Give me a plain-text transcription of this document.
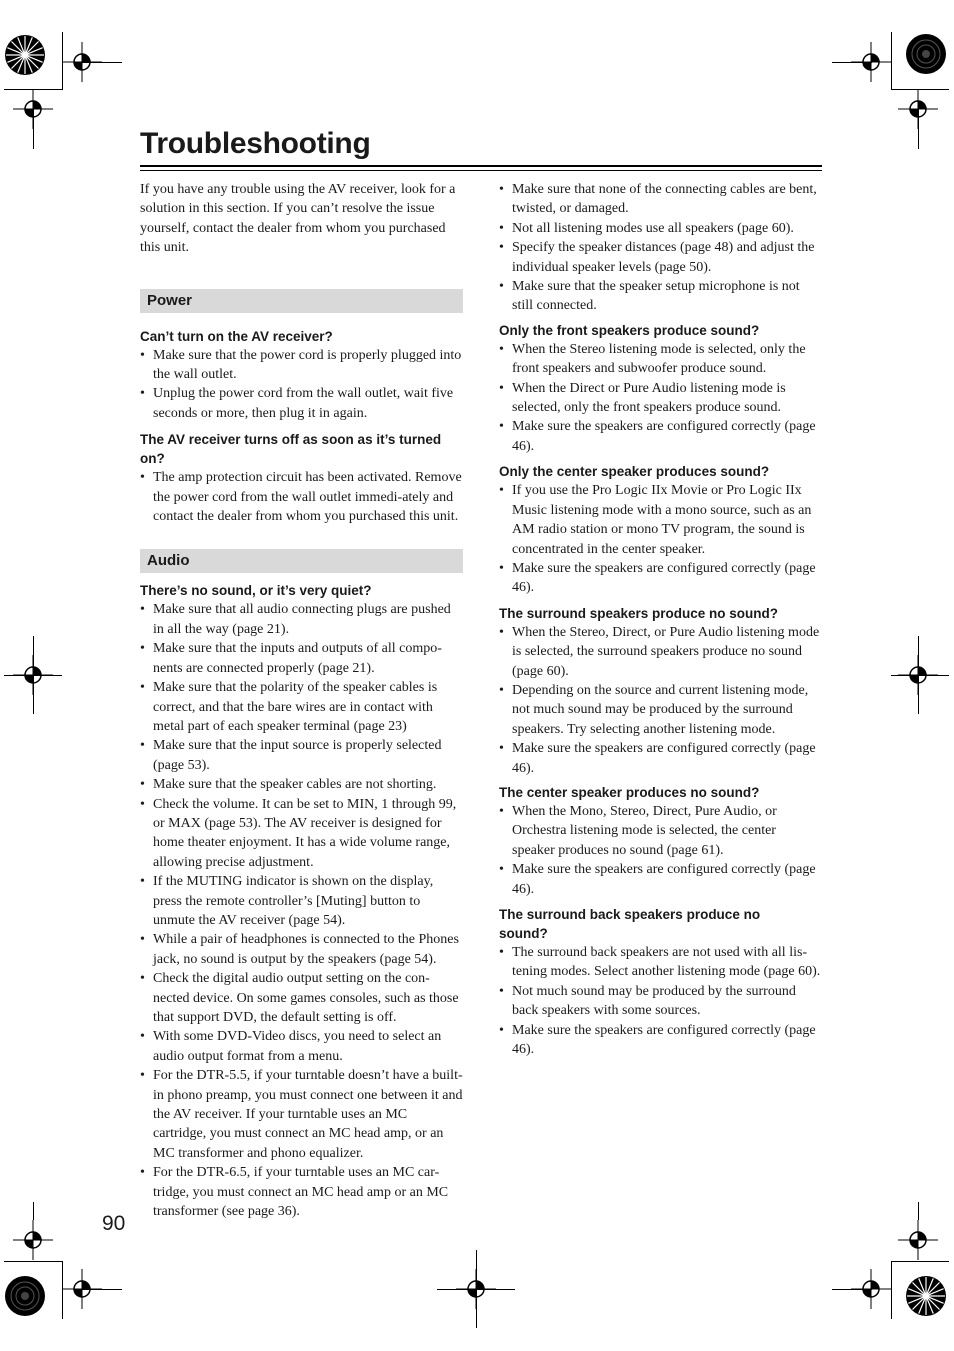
Troubleshooting

If you have any trouble using the AV receiver, look for a solution in this section. If you can’t resolve the issue yourself, contact the dealer from whom you purchased this unit.

Power

Can’t turn on the AV receiver?

• Make sure that the power cord is properly plugged into the wall outlet.
• Unplug the power cord from the wall outlet, wait five seconds or more, then plug it in again.

The AV receiver turns off as soon as it’s turned on?

• The amp protection circuit has been activated. Remove the power cord from the wall outlet immedi-ately and contact the dealer from whom you purchased this unit.
Audio

There’s no sound, or it’s very quiet?

• Make sure that all audio connecting plugs are pushed in all the way (page 21).
• Make sure that the inputs and outputs of all compo-nents are connected properly (page 21).
• Make sure that the polarity of the speaker cables is correct, and that the bare wires are in contact with metal part of each speaker terminal (page 23)
• Make sure that the input source is properly selected (page 53).
• Make sure that the speaker cables are not shorting.
• Check the volume. It can be set to MIN, 1 through 99, or MAX (page 53). The AV receiver is designed for home theater enjoyment. It has a wide volume range, allowing precise adjustment.
• If the MUTING indicator is shown on the display, press the remote controller’s [Muting] button to unmute the AV receiver (page 54).
• While a pair of headphones is connected to the Phones jack, no sound is output by the speakers (page 54).
• Check the digital audio output setting on the con-nected device. On some games consoles, such as those that support DVD, the default setting is off.
• With some DVD-Video discs, you need to select an audio output format from a menu.
• For the DTR-5.5, if your turntable doesn’t have a built-in phono preamp, you must connect one between it and the AV receiver. If your turntable uses an MC cartridge, you must connect an MC head amp, or an MC transformer and phono equalizer.
• For the DTR-6.5, if your turntable uses an MC car-tridge, you must connect an MC head amp or an MC transformer (see page 36).
• Make sure that none of the connecting cables are bent, twisted, or damaged.
• Not all listening modes use all speakers (page 60).
• Specify the speaker distances (page 48) and adjust the individual speaker levels (page 50).
• Make sure that the speaker setup microphone is not still connected.

Only the front speakers produce sound?

• When the Stereo listening mode is selected, only the front speakers and subwoofer produce sound.
• When the Direct or Pure Audio listening mode is selected, only the front speakers produce sound.
• Make sure the speakers are configured correctly (page 46).

Only the center speaker produces sound?

• If you use the Pro Logic IIx Movie or Pro Logic IIx Music listening mode with a mono source, such as an AM radio station or mono TV program, the sound is concentrated in the center speaker.
• Make sure the speakers are configured correctly (page 46).

The surround speakers produce no sound?

• When the Stereo, Direct, or Pure Audio listening mode is selected, the surround speakers produce no sound (page 60).
• Depending on the source and current listening mode, not much sound may be produced by the surround speakers. Try selecting another listening mode.
• Make sure the speakers are configured correctly (page 46).

The center speaker produces no sound?

• When the Mono, Stereo, Direct, Pure Audio, or Orchestra listening mode is selected, the center speaker produces no sound (page 61).
• Make sure the speakers are configured correctly (page 46).

The surround back speakers produce no sound?

• The surround back speakers are not used with all lis-tening modes. Select another listening mode (page 60).
• Not much sound may be produced by the surround back speakers with some sources.
• Make sure the speakers are configured correctly (page 46).
90
